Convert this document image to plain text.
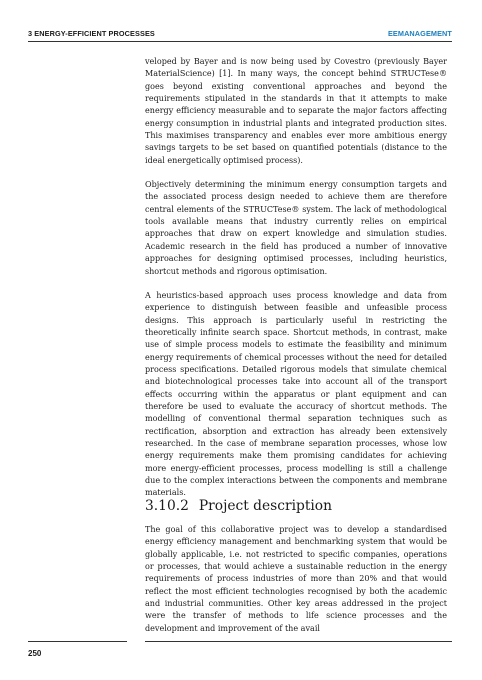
3 ENERGY-EFFICIENT PROCESSES	EEMANAGEMENT

veloped by Bayer and is now being used by Covestro (previously Bayer MaterialScience) [1]. In many ways, the concept behind STRUCTese® goes beyond existing conventional approaches and beyond the requirements stipulated in the standards in that it attempts to make energy efficiency measurable and to separate the major factors affecting energy consumption in industrial plants and integrated production sites. This maximises transparency and enables ever more ambitious energy savings targets to be set based on quantified potentials (distance to the ideal energetically optimised process).

Objectively determining the minimum energy consumption targets and the associated process design needed to achieve them are therefore central elements of the STRUCTese® system. The lack of methodological tools available means that industry currently relies on empirical approaches that draw on expert knowledge and simulation studies. Academic research in the field has produced a number of innovative approaches for designing optimised processes, including heuristics, shortcut methods and rigorous optimisation.

A heuristics-based approach uses process knowledge and data from experience to distinguish between feasible and unfeasible process designs. This approach is particularly useful in restricting the theoretically infinite search space. Shortcut methods, in contrast, make use of simple process models to estimate the feasibility and minimum energy requirements of chemical processes without the need for detailed process specifications. Detailed rigorous models that simulate chemical and biotechnological processes take into account all of the transport effects occurring within the apparatus or plant equipment and can therefore be used to evaluate the accuracy of shortcut methods. The modelling of conventional thermal separation techniques such as rectification, absorption and extraction has already been extensively researched. In the case of membrane separation processes, whose low energy requirements make them promising candidates for achieving more energy-efficient processes, process modelling is still a challenge due to the complex interactions between the components and membrane materials.

3.10.2 Project description

The goal of this collaborative project was to develop a standardised energy efficiency management and benchmarking system that would be globally applicable, i.e. not restricted to specific companies, operations or processes, that would achieve a sustainable reduction in the energy requirements of process industries of more than 20% and that would reflect the most efficient technologies recognised by both the academic and industrial communities. Other key areas addressed in the project were the transfer of methods to life science processes and the development and improvement of the avail

250
